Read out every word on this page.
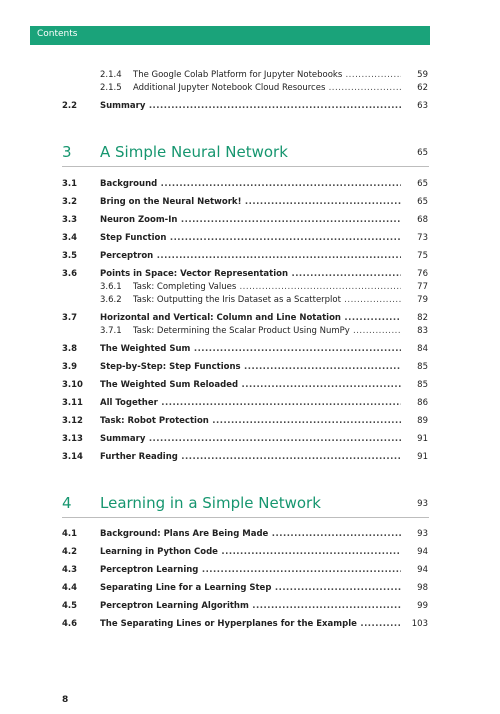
Contents
2.1.4 The Google Colab Platform for Jupyter Notebooks .....	59
2.1.5 Additional Jupyter Notebook Cloud Resources .....	62
2.2	Summary .....	63
3 A Simple Neural Network	65
3.1	Background .....	65
3.2	Bring on the Neural Network! .....	65
3.3	Neuron Zoom-In .....	68
3.4	Step Function .....	73
3.5	Perceptron .....	75
3.6	Points in Space: Vector Representation .....	76
3.6.1 Task: Completing Values .....	77
3.6.2 Task: Outputting the Iris Dataset as a Scatterplot .....	79
3.7	Horizontal and Vertical: Column and Line Notation .....	82
3.7.1 Task: Determining the Scalar Product Using NumPy .....	83
3.8	The Weighted Sum .....	84
3.9	Step-by-Step: Step Functions .....	85
3.10 The Weighted Sum Reloaded .....	85
3.11 All Together .....	86
3.12 Task: Robot Protection .....	89
3.13 Summary .....	91
3.14 Further Reading .....	91
4 Learning in a Simple Network	93
4.1	Background: Plans Are Being Made .....	93
4.2	Learning in Python Code .....	94
4.3	Perceptron Learning .....	94
4.4	Separating Line for a Learning Step .....	98
4.5	Perceptron Learning Algorithm .....	99
4.6	The Separating Lines or Hyperplanes for the Example .....	103
8
